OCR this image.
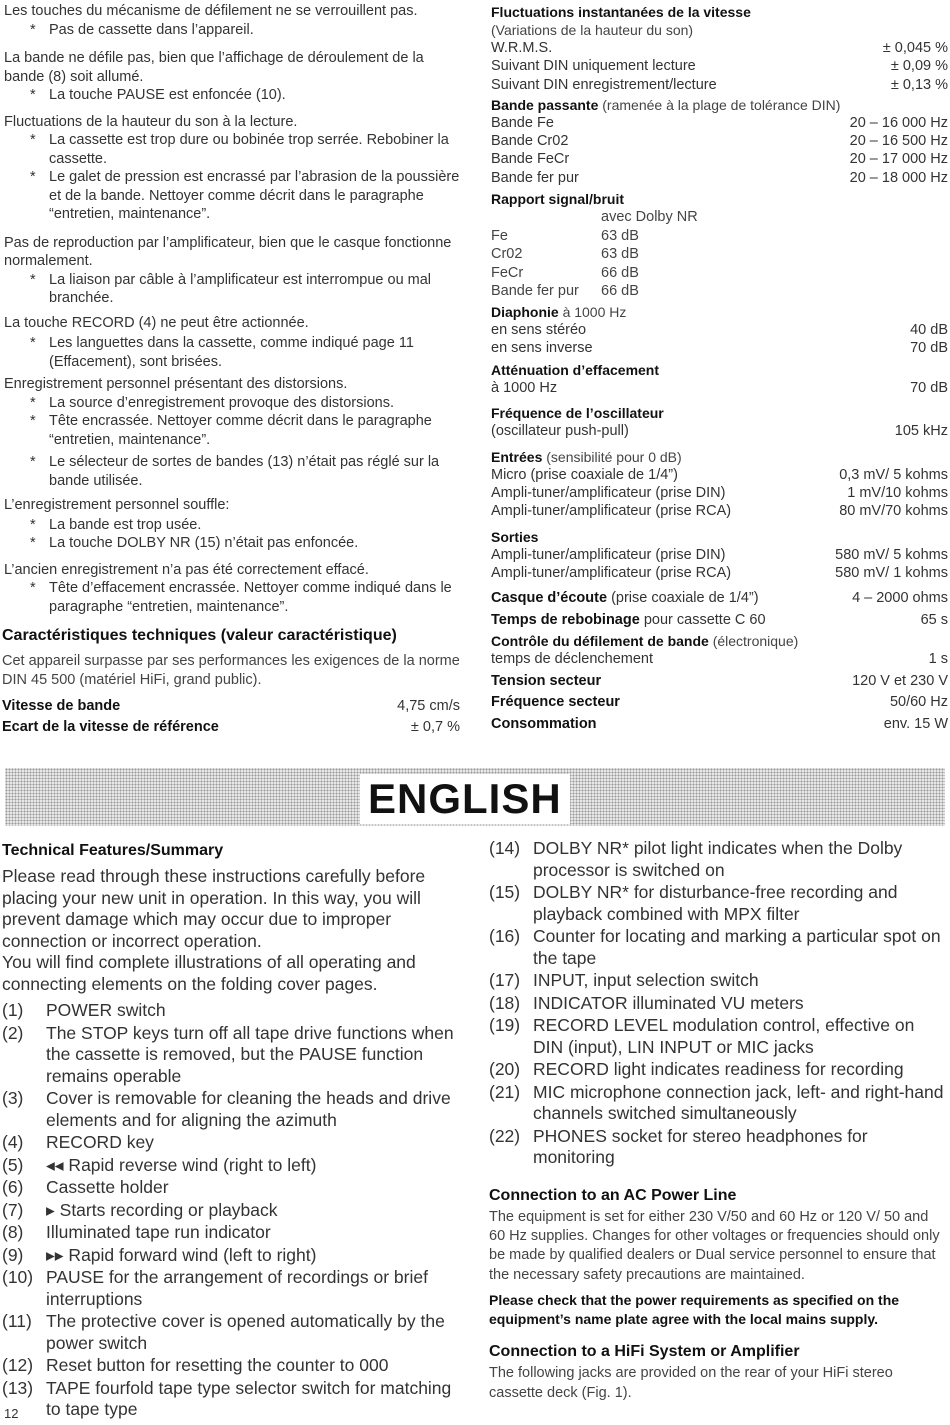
Les touches du mécanisme de défilement ne se verrouillent pas.

* Pas de cassette dans l’appareil.

La bande ne défile pas, bien que l’affichage de déroulement de la bande (8) soit allumé.

* La touche PAUSE est enfoncée (10).

Fluctuations de la hauteur du son à la lecture.

* La cassette est trop dure ou bobinée trop serrée. Rebobiner la cassette.
* Le galet de pression est encrassé par l’abrasion de la poussière et de la bande. Nettoyer comme décrit dans le paragraphe “entretien, maintenance”.

Pas de reproduction par l’amplificateur, bien que le casque fonctionne normalement.

* La liaison par câble à l’amplificateur est interrompue ou mal branchée.

La touche RECORD (4) ne peut être actionnée.

* Les languettes dans la cassette, comme indiqué page 11 (Effacement), sont brisées.

Enregistrement personnel présentant des distorsions.

* La source d’enregistrement provoque des distorsions.
* Tête encrassée. Nettoyer comme décrit dans le paragraphe “entretien, maintenance”.
* Le sélecteur de sortes de bandes (13) n’était pas réglé sur la bande utilisée.

L’enregistrement personnel souffle:

* La bande est trop usée.
* La touche DOLBY NR (15) n’était pas enfoncée.

L’ancien enregistrement n’a pas été correctement effacé.

* Tête d’effacement encrassée. Nettoyer comme indiqué dans le paragraphe “entretien, maintenance”.
Caractéristiques techniques (valeur caractéristique)
Cet appareil surpasse par ses performances les exigences de la norme DIN 45 500 (matériel HiFi, grand public).
Vitesse de bande	4,75 cm/s
Ecart de la vitesse de référence	± 0,7 %
Fluctuations instantanées de la vitesse
(Variations de la hauteur du son)
W.R.M.S.	± 0,045 %
Suivant DIN uniquement lecture	± 0,09 %
Suivant DIN enregistrement/lecture	± 0,13 %
Bande passante (ramenée à la plage de tolérance DIN)
Bande Fe	20 – 16 000 Hz
Bande Cr02	20 – 16 500 Hz
Bande FeCr	20 – 17 000 Hz
Bande fer pur	20 – 18 000 Hz
Rapport signal/bruit
avec Dolby NR
Fe	63 dB
Cr02	63 dB
FeCr	66 dB
Bande fer pur	66 dB
Diaphonie à 1000 Hz
en sens stéréo	40 dB
en sens inverse	70 dB
Atténuation d’effacement
à 1000 Hz	70 dB
Fréquence de l’oscillateur
(oscillateur push-pull)	105 kHz
Entrées (sensibilité pour 0 dB)
Micro (prise coaxiale de 1/4”)	0,3 mV/ 5 kohms
Ampli-tuner/amplificateur (prise DIN)	1 mV/10 kohms
Ampli-tuner/amplificateur (prise RCA)	80 mV/70 kohms
Sorties
Ampli-tuner/amplificateur (prise DIN)	580 mV/ 5 kohms
Ampli-tuner/amplificateur (prise RCA)	580 mV/ 1 kohms
Casque d’écoute (prise coaxiale de 1/4”)	4 – 2000 ohms
Temps de rebobinage pour cassette C 60	65 s
Contrôle du défilement de bande (électronique)
temps de déclenchement	1 s
Tension secteur	120 V et 230 V
Fréquence secteur	50/60 Hz
Consommation	env. 15 W
ENGLISH
Technical Features/Summary

Please read through these instructions carefully before placing your new unit in operation. In this way, you will prevent damage which may occur due to improper connection or incorrect operation.

You will find complete illustrations of all operating and connecting elements on the folding cover pages.

(1) POWER switch
(2) The STOP keys turn off all tape drive functions when the cassette is removed, but the PAUSE function remains operable
(3) Cover is removable for cleaning the heads and drive elements and for aligning the azimuth
(4) RECORD key
(5) ◂◂ Rapid reverse wind (right to left)
(6) Cassette holder
(7) ▸ Starts recording or playback
(8) Illuminated tape run indicator
(9) ▸▸ Rapid forward wind (left to right)
(10) PAUSE for the arrangement of recordings or brief interruptions
(11) The protective cover is opened automatically by the power switch
(12) Reset button for resetting the counter to 000
(13) TAPE fourfold tape type selector switch for matching to tape type
12
(14) DOLBY NR* pilot light indicates when the Dolby processor is switched on
(15) DOLBY NR* for disturbance-free recording and playback combined with MPX filter
(16) Counter for locating and marking a particular spot on the tape
(17) INPUT, input selection switch
(18) INDICATOR illuminated VU meters
(19) RECORD LEVEL modulation control, effective on DIN (input), LIN INPUT or MIC jacks
(20) RECORD light indicates readiness for recording
(21) MIC microphone connection jack, left- and right-hand channels switched simultaneously
(22) PHONES socket for stereo headphones for monitoring
Connection to an AC Power Line
The equipment is set for either 230 V/50 and 60 Hz or 120 V/ 50 and 60 Hz supplies. Changes for other voltages or frequencies should only be made by qualified dealers or Dual service personnel to ensure that the necessary safety precautions are maintained.
Please check that the power requirements as specified on the equipment’s name plate agree with the local mains supply.
Connection to a HiFi System or Amplifier
The following jacks are provided on the rear of your HiFi stereo cassette deck (Fig. 1).
